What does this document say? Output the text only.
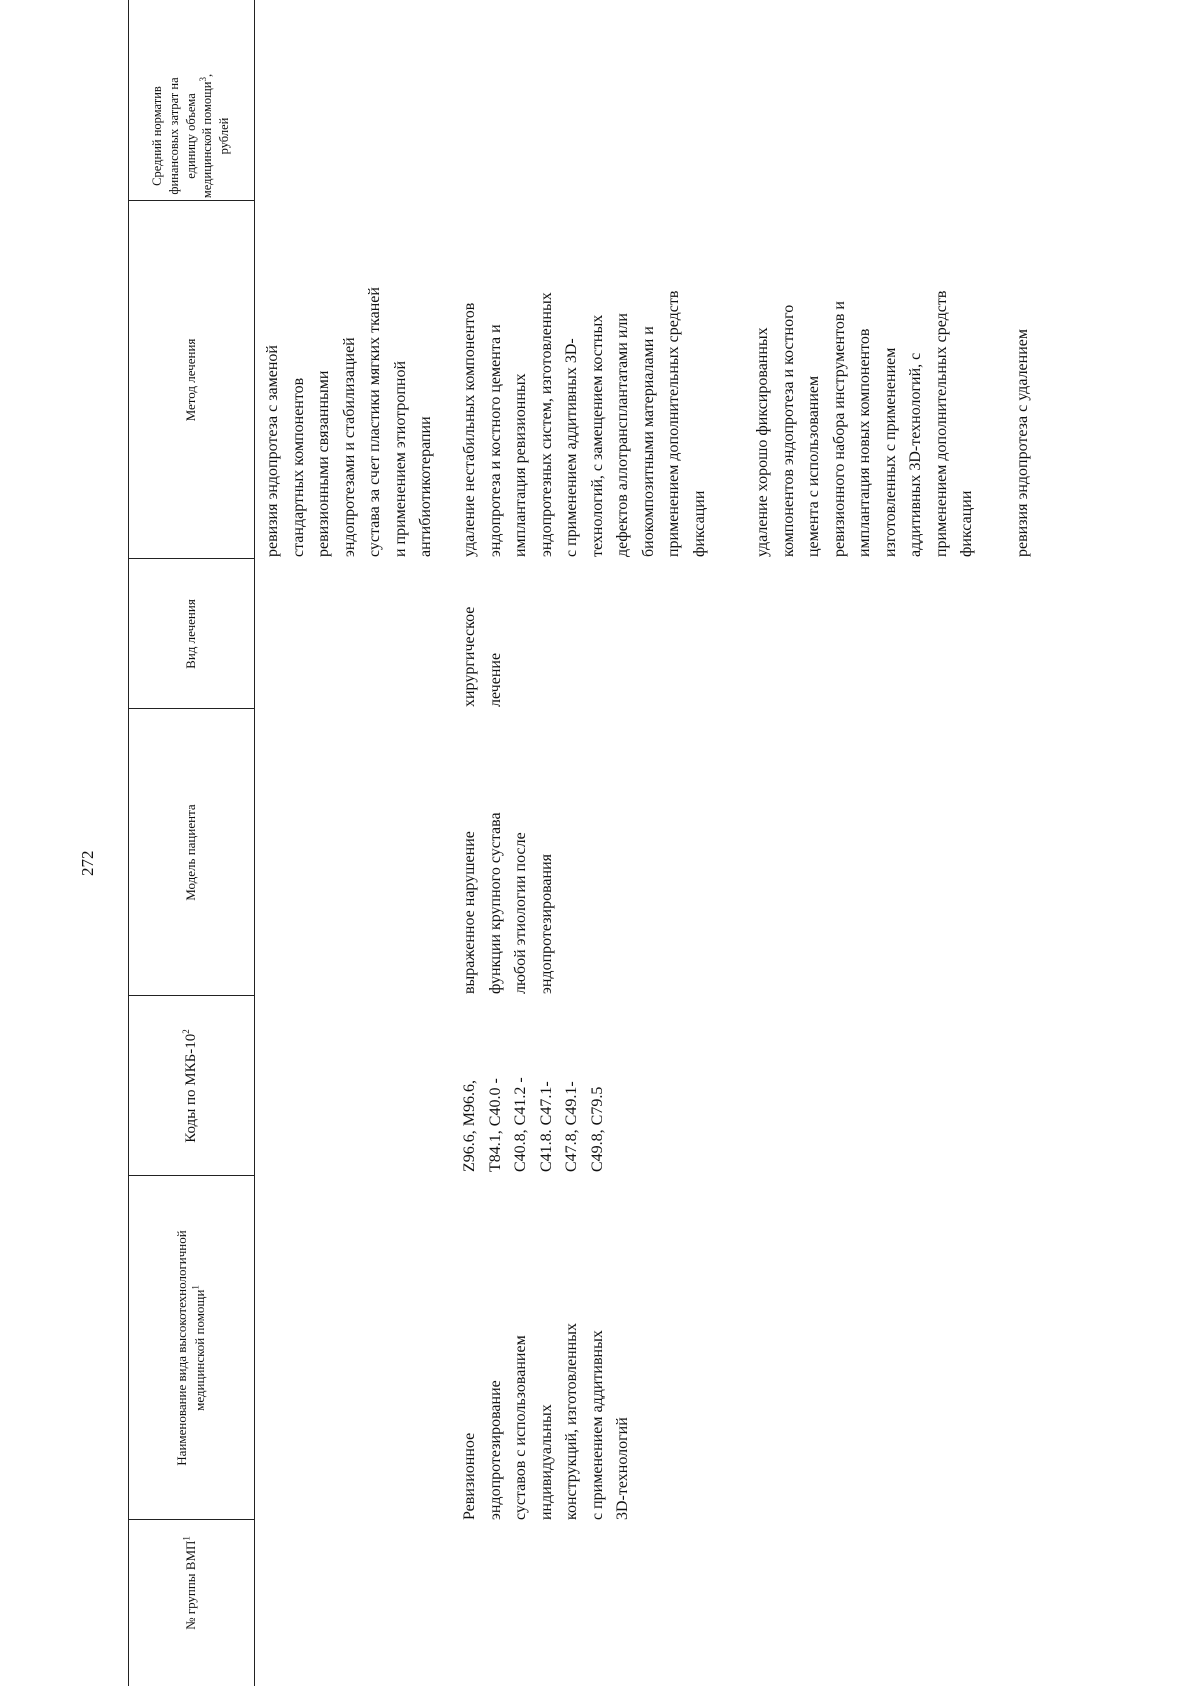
272
№ группы ВМП$^1$
Наименование вида высокотехнологичной медицинской помощи$^1$
Коды по МКБ-$10^2$
Модель пациента
Вид лечения
Метод лечения
Средний норматив финансовых затрат на единицу объема медицинской помощи$^3$, рублей
ревизия эндопротеза с заменой
стандартных компонентов
ревизионными связанными
эндопротезами и стабилизацией
сустава за счет пластики мягких тканей
и применением этиотропной
антибиотикотерапии
Ревизионное
эндопротезирование
суставов с использованием
индивидуальных
конструкций, изготовленных
с применением аддитивных
3D-технологий
Z96.6, M96.6,
T84.1, C40.0 -
C40.8, C41.2 -
C41.8. C47.1-
C47.8, C49.1-
C49.8, C79.5
выраженное нарушение
функции крупного сустава
любой этиологии после
эндопротезирования
хирургическое
лечение
удаление нестабильных компонентов
эндопротеза и костного цемента и
имплантация ревизионных
эндопротезных систем, изготовленных
с применением аддитивных 3D-
технологий, с замещением костных
дефектов аллотрансплантатами или
биокомпозитными материалами и
применением дополнительных средств
фиксации	удаление хорошо фиксированных
компонентов эндопротеза и костного
цемента с использованием
ревизионного набора инструментов и
имплантация новых компонентов
изготовленных с применением
аддитивных 3D-технологий, с
применением дополнительных средств
фиксации ревизия эндопротеза с удалением
